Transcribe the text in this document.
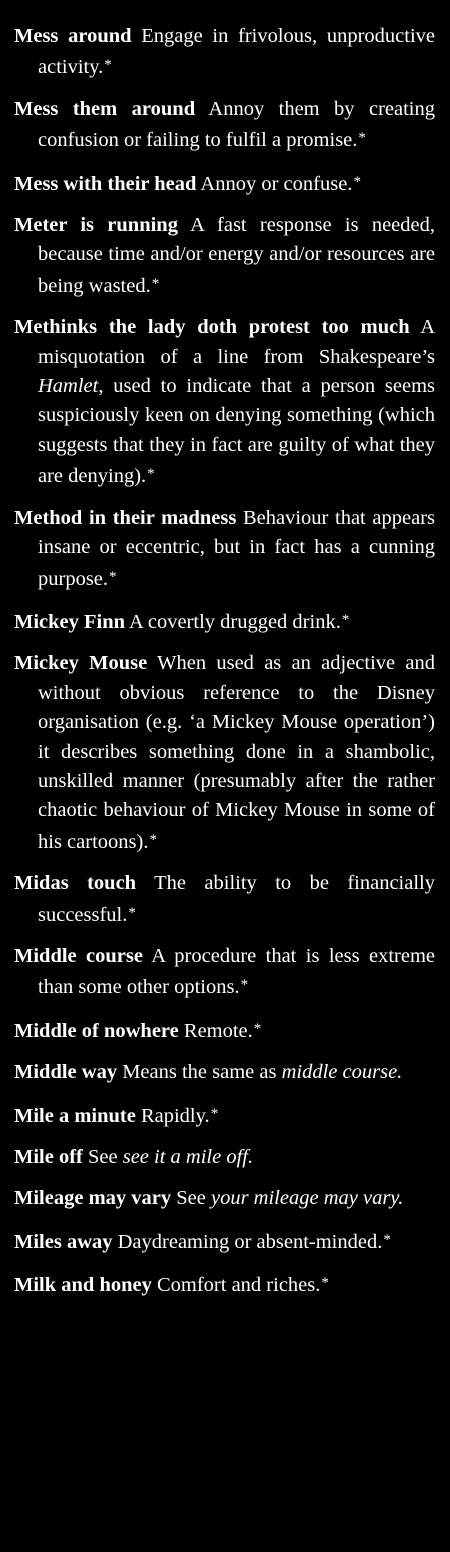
Mess around Engage in frivolous, unproductive activity.*

Mess them around Annoy them by creating confusion or failing to fulfil a promise.*

Mess with their head Annoy or confuse.*

Meter is running A fast response is needed, because time and/or energy and/or resources are being wasted.*

Methinks the lady doth protest too much A misquotation of a line from Shakespeare’s Hamlet, used to indicate that a person seems suspiciously keen on denying something (which suggests that they in fact are guilty of what they are denying).*

Method in their madness Behaviour that appears insane or eccentric, but in fact has a cunning purpose.*

Mickey Finn A covertly drugged drink.*

Mickey Mouse When used as an adjective and without obvious reference to the Disney organisation (e.g. ‘a Mickey Mouse operation’) it describes something done in a shambolic, unskilled manner (presumably after the rather chaotic behaviour of Mickey Mouse in some of his cartoons).*

Midas touch The ability to be financially successful.*

Middle course A procedure that is less extreme than some other options.*

Middle of nowhere Remote.*

Middle way Means the same as middle course.

Mile a minute Rapidly.*

Mile off See see it a mile off.

Mileage may vary See your mileage may vary.

Miles away Daydreaming or absent-minded.*

Milk and honey Comfort and riches.*
